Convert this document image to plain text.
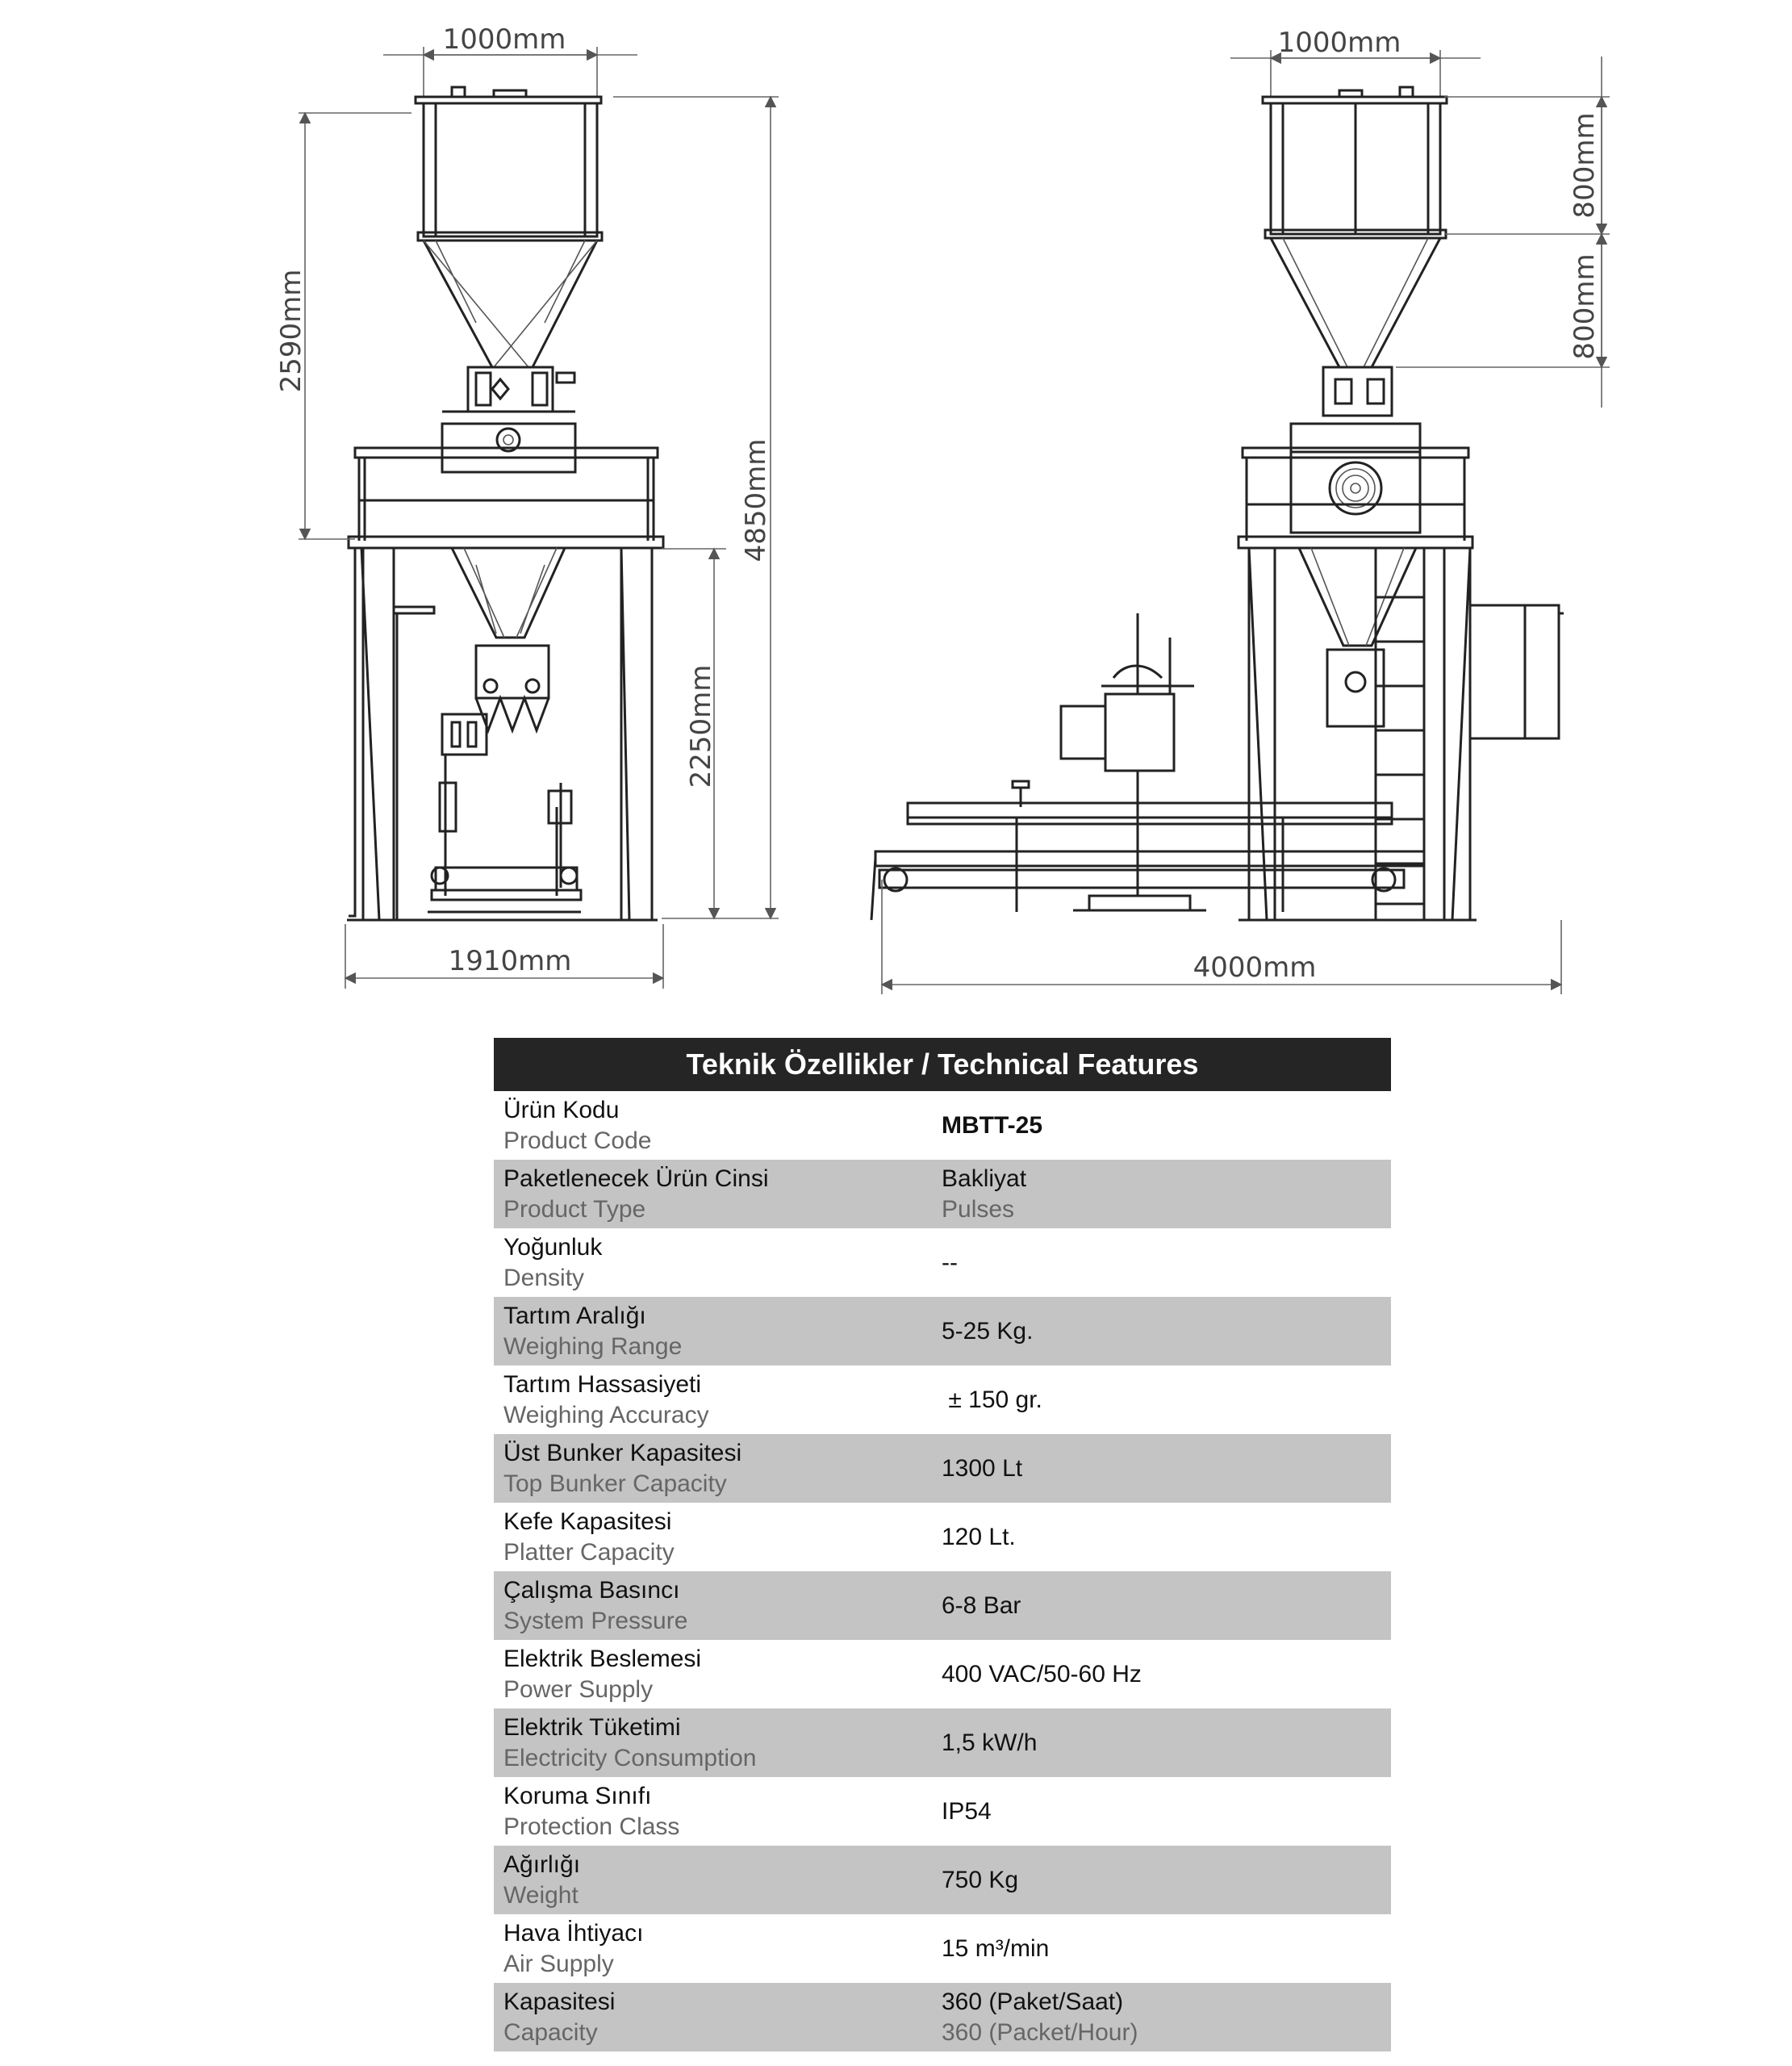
1000mm
2590mm
2250mm
4850mm
1910mm
1000mm
800mm
800mm
4000mm
Teknik Özellikler / Technical Features
Ürün Kodu
Product Code
MBTT-25
Paketlenecek Ürün Cinsi
Product Type
Bakliyat
Pulses
Yoğunluk
Density
--
Tartım Aralığı
Weighing Range
5-25 Kg.
Tartım Hassasiyeti
Weighing Accuracy
± 150 gr.
Üst Bunker Kapasitesi
Top Bunker Capacity
1300 Lt
Kefe Kapasitesi
Platter Capacity
120 Lt.
Çalışma Basıncı
System Pressure
6-8 Bar
Elektrik Beslemesi
Power Supply
400 VAC/50-60 Hz
Elektrik Tüketimi
Electricity Consumption
1,5 kW/h
Koruma Sınıfı
Protection Class
IP54
Ağırlığı
Weight
750 Kg
Hava İhtiyacı
Air Supply
15 m³/min
Kapasitesi
Capacity
360 (Paket/Saat)
360 (Packet/Hour)
